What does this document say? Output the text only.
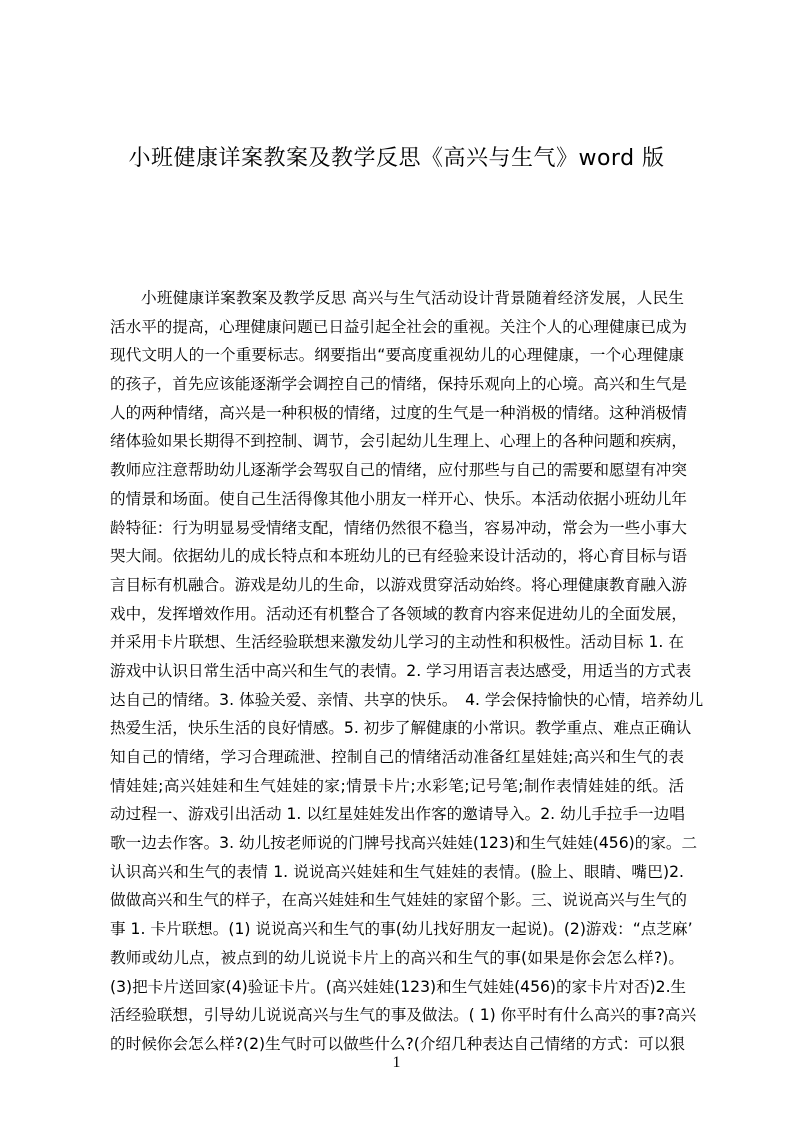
小班健康详案教案及教学反思《高兴与生气》word 版
小班健康详案教案及教学反思 高兴与生气活动设计背景随着经济发展，人民生
活水平的提高，心理健康问题已日益引起全社会的重视。关注个人的心理健康已成为
现代文明人的一个重要标志。纲要指出“要高度重视幼儿的心理健康，一个心理健康
的孩子，首先应该能逐渐学会调控自己的情绪，保持乐观向上的心境。高兴和生气是
人的两种情绪，高兴是一种积极的情绪，过度的生气是一种消极的情绪。这种消极情
绪体验如果长期得不到控制、调节，会引起幼儿生理上、心理上的各种问题和疾病，
教师应注意帮助幼儿逐渐学会驾驭自己的情绪，应付那些与自己的需要和愿望有冲突
的情景和场面。使自己生活得像其他小朋友一样开心、快乐。本活动依据小班幼儿年
龄特征：行为明显易受情绪支配，情绪仍然很不稳当，容易冲动，常会为一些小事大
哭大闹。依据幼儿的成长特点和本班幼儿的已有经验来设计活动的，将心育目标与语
言目标有机融合。游戏是幼儿的生命，以游戏贯穿活动始终。将心理健康教育融入游
戏中，发挥增效作用。活动还有机整合了各领域的教育内容来促进幼儿的全面发展，
并采用卡片联想、生活经验联想来激发幼儿学习的主动性和积极性。活动目标 1. 在
游戏中认识日常生活中高兴和生气的表情。2. 学习用语言表达感受，用适当的方式表
达自己的情绪。3. 体验关爱、亲情、共享的快乐。　4. 学会保持愉快的心情，培养幼儿
热爱生活，快乐生活的良好情感。5. 初步了解健康的小常识。教学重点、难点正确认
知自己的情绪，学习合理疏泄、控制自己的情绪活动准备红星娃娃;高兴和生气的表
情娃娃;高兴娃娃和生气娃娃的家;情景卡片;水彩笔;记号笔;制作表情娃娃的纸。活
动过程一、游戏引出活动 1. 以红星娃娃发出作客的邀请导入。2. 幼儿手拉手一边唱
歌一边去作客。3. 幼儿按老师说的门牌号找高兴娃娃(123)和生气娃娃(456)的家。二
认识高兴和生气的表情 1. 说说高兴娃娃和生气娃娃的表情。(脸上、眼睛、嘴巴)2.
做做高兴和生气的样子，在高兴娃娃和生气娃娃的家留个影。三、说说高兴与生气的
事 1. 卡片联想。(1) 说说高兴和生气的事(幼儿找好朋友一起说)。(2)游戏：“点芝麻’
教师或幼儿点，被点到的幼儿说说卡片上的高兴和生气的事(如果是你会怎么样?)。
(3)把卡片送回家(4)验证卡片。(高兴娃娃(123)和生气娃娃(456)的家卡片对否)2.生
活经验联想，引导幼儿说说高兴与生气的事及做法。( 1) 你平时有什么高兴的事?高兴
的时候你会怎么样?(2)生气时可以做些什么?(介绍几种表达自己情绪的方式：可以狠
1
